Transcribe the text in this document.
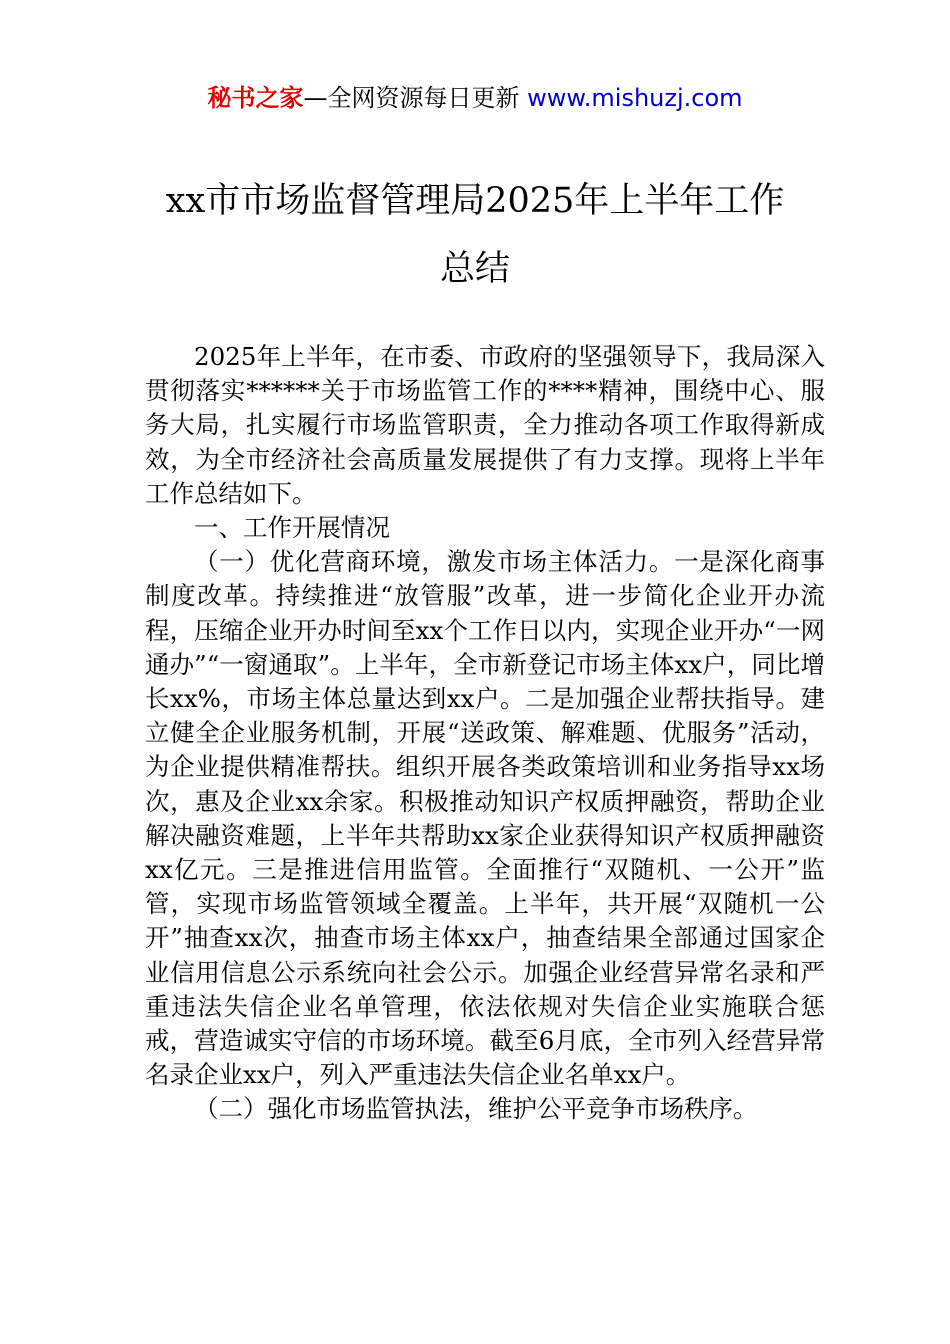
秘书之家—全网资源每日更新 www.mishuzj.com
xx市市场监督管理局2025年上半年工作
总结

2025年上半年，在市委、市政府的坚强领导下，我局深入贯彻落实******关于市场监管工作的****精神，围绕中心、服务大局，扎实履行市场监管职责，全力推动各项工作取得新成效，为全市经济社会高质量发展提供了有力支撑。现将上半年工作总结如下。

一、工作开展情况

（一）优化营商环境，激发市场主体活力。一是深化商事制度改革。持续推进“放管服”改革，进一步简化企业开办流程，压缩企业开办时间至xx个工作日以内，实现企业开办“一网通办”“一窗通取”。上半年，全市新登记市场主体xx户，同比增长xx%，市场主体总量达到xx户。二是加强企业帮扶指导。建立健全企业服务机制，开展“送政策、解难题、优服务”活动，为企业提供精准帮扶。组织开展各类政策培训和业务指导xx场次，惠及企业xx余家。积极推动知识产权质押融资，帮助企业解决融资难题，上半年共帮助xx家企业获得知识产权质押融资xx亿元。三是推进信用监管。全面推行“双随机、一公开”监管，实现市场监管领域全覆盖。上半年，共开展“双随机一公开”抽查xx次，抽查市场主体xx户，抽查结果全部通过国家企业信用信息公示系统向社会公示。加强企业经营异常名录和严重违法失信企业名单管理，依法依规对失信企业实施联合惩戒，营造诚实守信的市场环境。截至6月底，全市列入经营异常名录企业xx户，列入严重违法失信企业名单xx户。

（二）强化市场监管执法，维护公平竞争市场秩序。
